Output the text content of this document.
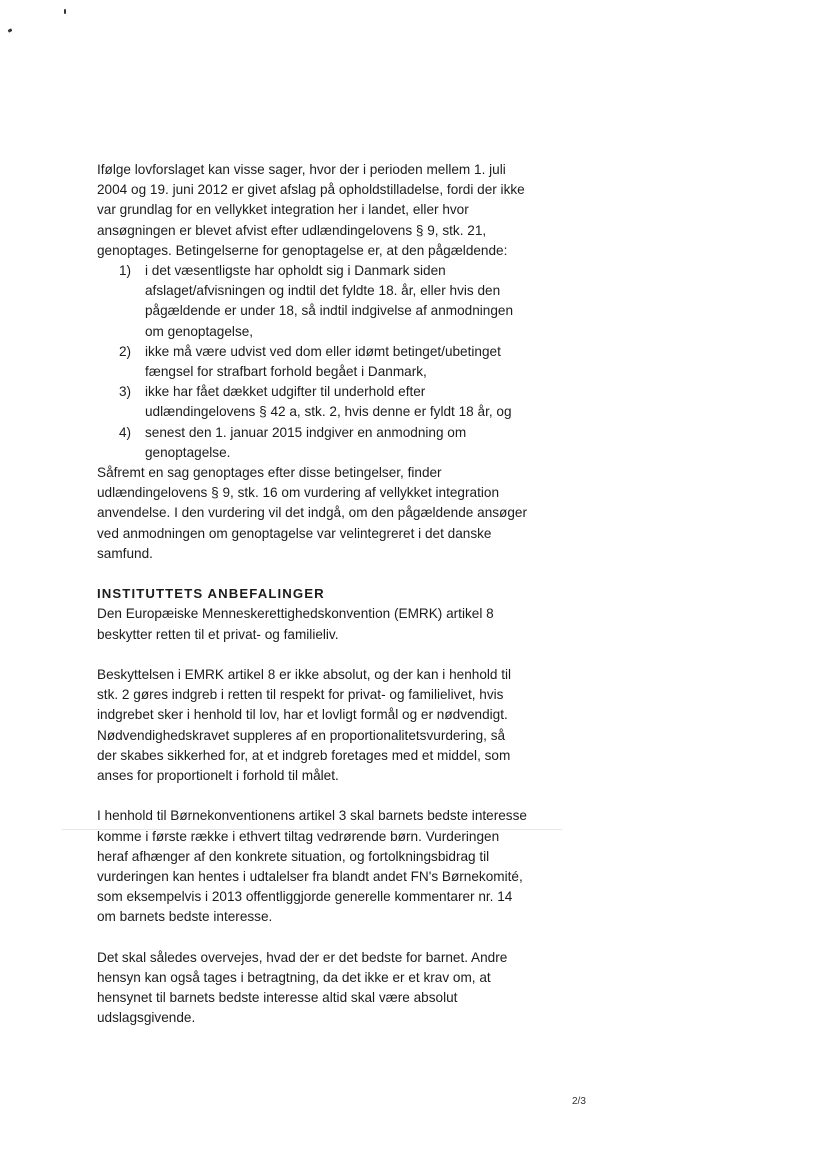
Ifølge lovforslaget kan visse sager, hvor der i perioden mellem 1. juli
2004 og 19. juni 2012 er givet afslag på opholdstilladelse, fordi der ikke
var grundlag for en vellykket integration her i landet, eller hvor
ansøgningen er blevet afvist efter udlændingelovens § 9, stk. 21,
genoptages. Betingelserne for genoptagelse er, at den pågældende:
1) i det væsentligste har opholdt sig i Danmark siden
afslaget/afvisningen og indtil det fyldte 18. år, eller hvis den
pågældende er under 18, så indtil indgivelse af anmodningen
om genoptagelse,
2) ikke må være udvist ved dom eller idømt betinget/ubetinget
fængsel for strafbart forhold begået i Danmark,
3) ikke har fået dækket udgifter til underhold efter
udlændingelovens § 42 a, stk. 2, hvis denne er fyldt 18 år, og
4) senest den 1. januar 2015 indgiver en anmodning om
genoptagelse.
Såfremt en sag genoptages efter disse betingelser, finder
udlændingelovens § 9, stk. 16 om vurdering af vellykket integration
anvendelse. I den vurdering vil det indgå, om den pågældende ansøger
ved anmodningen om genoptagelse var velintegreret i det danske
samfund.
INSTITUTTETS ANBEFALINGER
Den Europæiske Menneskerettighedskonvention (EMRK) artikel 8
beskytter retten til et privat- og familieliv.
Beskyttelsen i EMRK artikel 8 er ikke absolut, og der kan i henhold til
stk. 2 gøres indgreb i retten til respekt for privat- og familielivet, hvis
indgrebet sker i henhold til lov, har et lovligt formål og er nødvendigt.
Nødvendighedskravet suppleres af en proportionalitetsvurdering, så
der skabes sikkerhed for, at et indgreb foretages med et middel, som
anses for proportionelt i forhold til målet.
I henhold til Børnekonventionens artikel 3 skal barnets bedste interesse
komme i første række i ethvert tiltag vedrørende børn. Vurderingen
heraf afhænger af den konkrete situation, og fortolkningsbidrag til
vurderingen kan hentes i udtalelser fra blandt andet FN's Børnekomité,
som eksempelvis i 2013 offentliggjorde generelle kommentarer nr. 14
om barnets bedste interesse.
Det skal således overvejes, hvad der er det bedste for barnet. Andre
hensyn kan også tages i betragtning, da det ikke er et krav om, at
hensynet til barnets bedste interesse altid skal være absolut
udslagsgivende.
2/3
